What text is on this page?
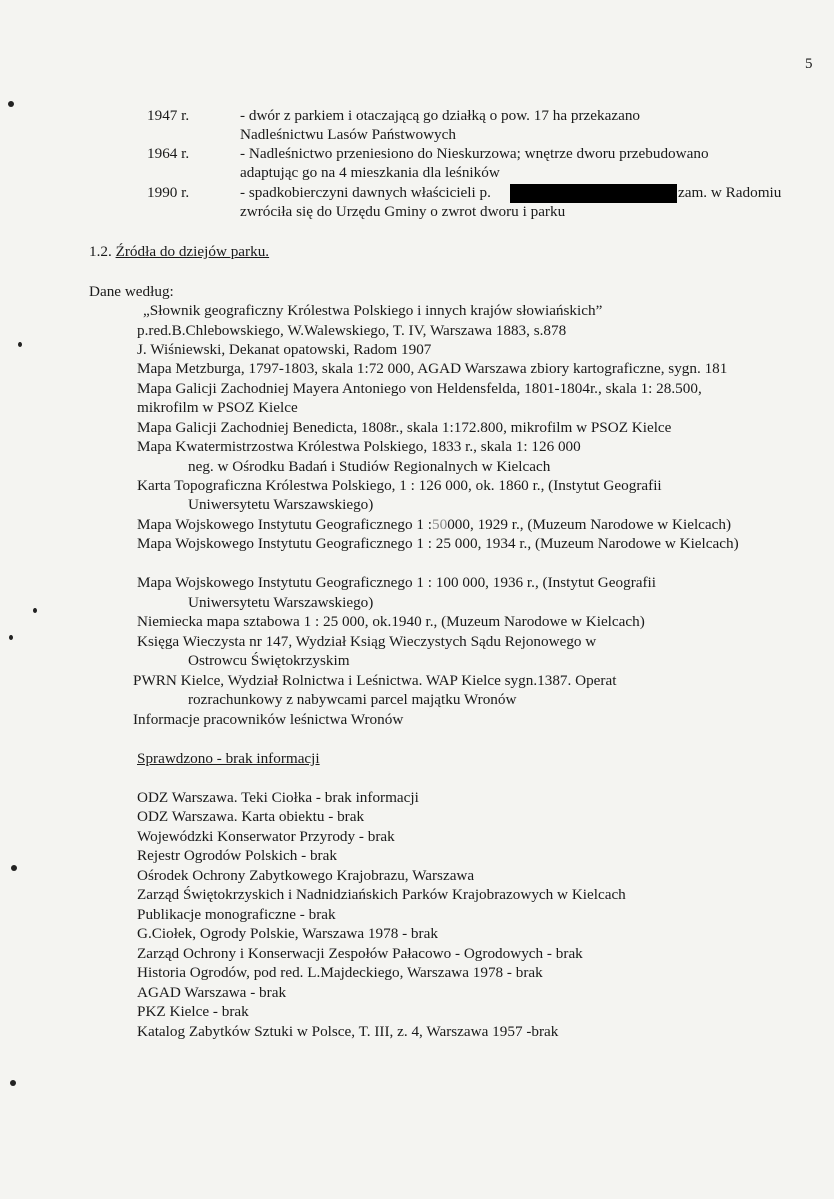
5
1947 r.	- dwór z parkiem i otaczającą go działką o pow. 17 ha przekazano
Nadleśnictwu Lasów Państwowych
1964 r.	- Nadleśnictwo przeniesiono do Nieskurzowa; wnętrze dworu przebudowano
adaptując go na 4 mieszkania dla leśników
1990 r.	- spadkobierczyni dawnych właścicieli p.	zam. w Radomiu
zwróciła się do Urzędu Gminy o zwrot dworu i parku
1.2. Źródła do dziejów parku.
Dane według:
„Słownik geograficzny Królestwa Polskiego i innych krajów słowiańskich”
p.red.B.Chlebowskiego, W.Walewskiego, T. IV, Warszawa 1883, s.878
J. Wiśniewski, Dekanat opatowski, Radom 1907
Mapa Metzburga, 1797-1803, skala 1:72 000, AGAD Warszawa zbiory kartograficzne, sygn. 181
Mapa Galicji Zachodniej Mayera Antoniego von Heldensfelda, 1801-1804r., skala 1: 28.500,
mikrofilm w PSOZ Kielce
Mapa Galicji Zachodniej Benedicta, 1808r., skala 1:172.800, mikrofilm w PSOZ Kielce
Mapa Kwatermistrzostwa Królestwa Polskiego, 1833 r., skala 1: 126 000
neg. w Ośrodku Badań i Studiów Regionalnych w Kielcach
Karta Topograficzna Królestwa Polskiego, 1 : 126 000, ok. 1860 r., (Instytut Geografii
Uniwersytetu Warszawskiego)
Mapa Wojskowego Instytutu Geograficznego 1 :50000, 1929 r., (Muzeum Narodowe w Kielcach)
Mapa Wojskowego Instytutu Geograficznego 1 : 25 000, 1934 r., (Muzeum Narodowe w Kielcach)
Mapa Wojskowego Instytutu Geograficznego 1 : 100 000, 1936 r., (Instytut Geografii
Uniwersytetu Warszawskiego)
Niemiecka mapa sztabowa 1 : 25 000, ok.1940 r., (Muzeum Narodowe w Kielcach)
Księga Wieczysta nr 147, Wydział Ksiąg Wieczystych Sądu Rejonowego w
Ostrowcu Świętokrzyskim
PWRN Kielce, Wydział Rolnictwa i Leśnictwa. WAP Kielce sygn.1387. Operat
rozrachunkowy z nabywcami parcel majątku Wronów
Informacje pracowników leśnictwa Wronów
Sprawdzono - brak informacji
ODZ Warszawa. Teki Ciołka - brak informacji
ODZ Warszawa. Karta obiektu - brak
Wojewódzki Konserwator Przyrody - brak
Rejestr Ogrodów Polskich - brak
Ośrodek Ochrony Zabytkowego Krajobrazu, Warszawa
Zarząd Świętokrzyskich i Nadnidziańskich Parków Krajobrazowych w Kielcach
Publikacje monograficzne - brak
G.Ciołek, Ogrody Polskie, Warszawa 1978 - brak
Zarząd Ochrony i Konserwacji Zespołów Pałacowo - Ogrodowych - brak
Historia Ogrodów, pod red. L.Majdeckiego, Warszawa 1978 - brak
AGAD Warszawa - brak
PKZ Kielce - brak
Katalog Zabytków Sztuki w Polsce, T. III, z. 4, Warszawa 1957 -brak
